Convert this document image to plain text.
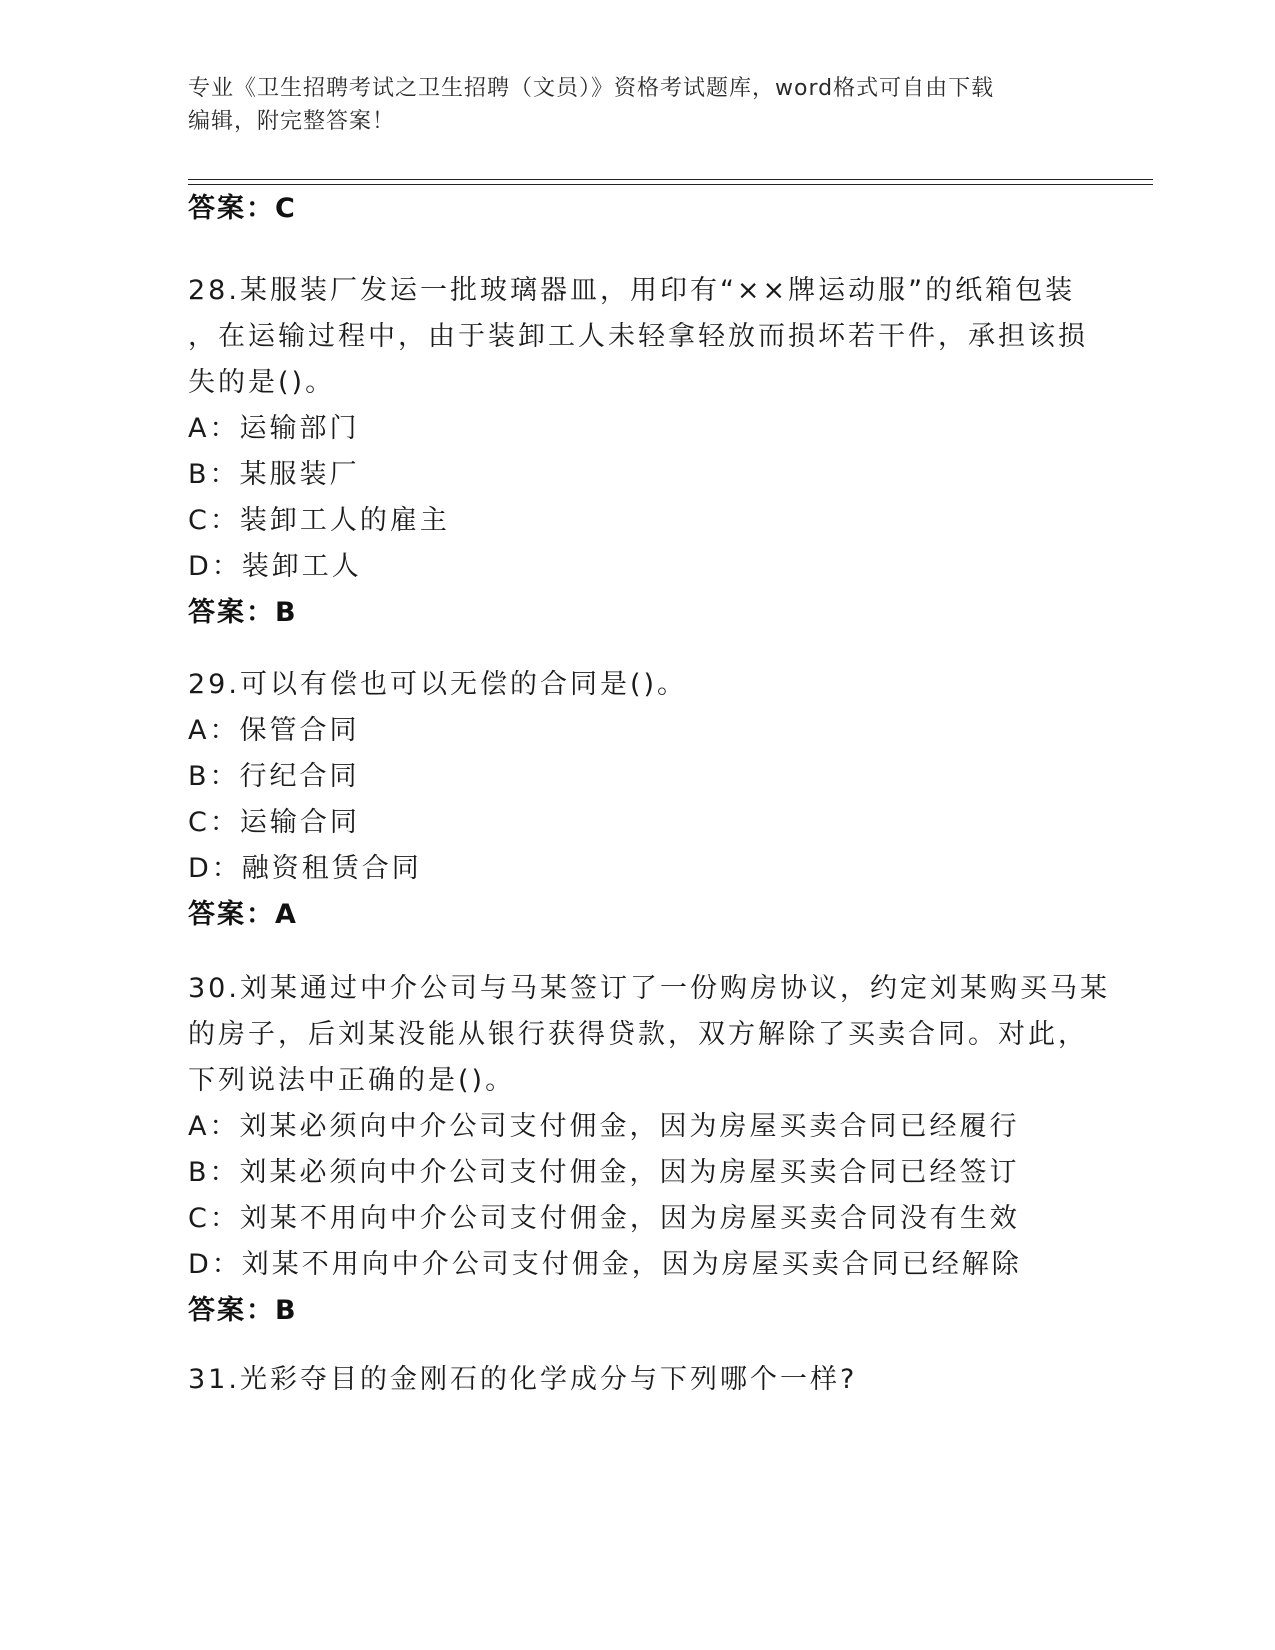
专业《卫生招聘考试之卫生招聘（文员）》资格考试题库，word格式可自由下载
编辑，附完整答案！
答案：C
28.某服装厂发运一批玻璃器皿，用印有“××牌运动服”的纸箱包装
，在运输过程中，由于装卸工人未轻拿轻放而损坏若干件，承担该损
失的是()。
A：运输部门
B：某服装厂
C：装卸工人的雇主
D：装卸工人
答案：B
29.可以有偿也可以无偿的合同是()。
A：保管合同
B：行纪合同
C：运输合同
D：融资租赁合同
答案：A
30.刘某通过中介公司与马某签订了一份购房协议，约定刘某购买马某
的房子，后刘某没能从银行获得贷款，双方解除了买卖合同。对此，
下列说法中正确的是()。
A：刘某必须向中介公司支付佣金，因为房屋买卖合同已经履行
B：刘某必须向中介公司支付佣金，因为房屋买卖合同已经签订
C：刘某不用向中介公司支付佣金，因为房屋买卖合同没有生效
D：刘某不用向中介公司支付佣金，因为房屋买卖合同已经解除
答案：B
31.光彩夺目的金刚石的化学成分与下列哪个一样?
